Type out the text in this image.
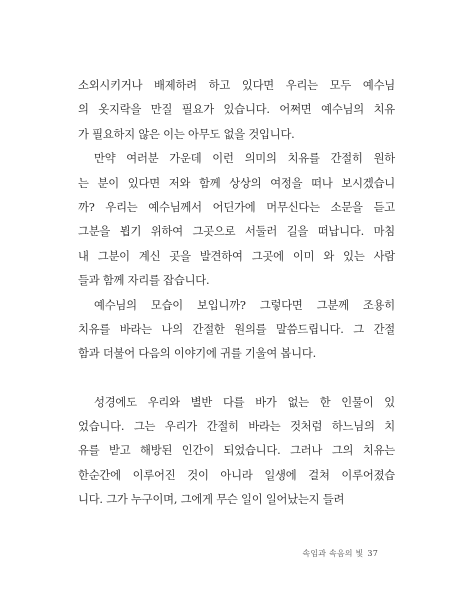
소외시키거나 배제하려 하고 있다면 우리는 모두 예수님
의 옷지락을 만질 필요가 있습니다. 어쩌면 예수님의 치유
가 필요하지 않은 이는 아무도 없을 것입니다.
만약 여러분 가운데 이런 의미의 치유를 간절히 원하
는 분이 있다면 저와 함께 상상의 여정을 떠나 보시겠습니
까? 우리는 예수님께서 어딘가에 머무신다는 소문을 듣고
그분을 뵙기 위하여 그곳으로 서둘러 길을 떠납니다. 마침
내 그분이 계신 곳을 발견하여 그곳에 이미 와 있는 사람
들과 함께 자리를 잡습니다.
예수님의 모습이 보입니까? 그렇다면 그분께 조용히
치유를 바라는 나의 간절한 원의를 말씀드립니다. 그 간절
함과 더불어 다음의 이야기에 귀를 기울여 봅니다.
성경에도 우리와 별반 다를 바가 없는 한 인물이 있
었습니다. 그는 우리가 간절히 바라는 것처럼 하느님의 치
유를 받고 해방된 인간이 되었습니다. 그러나 그의 치유는
한순간에 이루어진 것이 아니라 일생에 걸쳐 이루어졌습
니다. 그가 누구이며, 그에게 무슨 일이 일어났는지 들려
속임과 속음의 빛 37
